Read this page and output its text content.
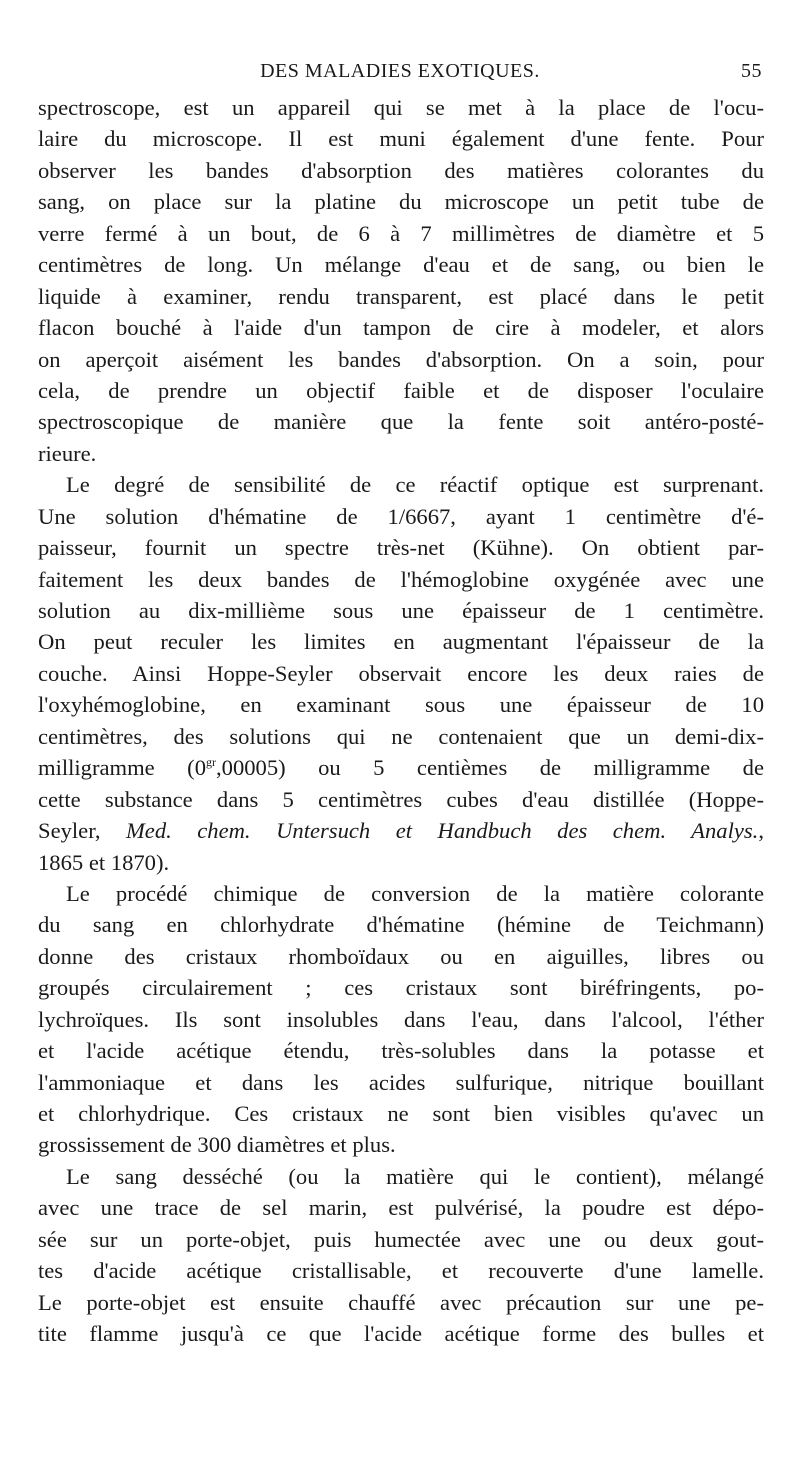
DES MALADIES EXOTIQUES.	55
spectroscope, est un appareil qui se met à la place de l'ocu-
laire du microscope. Il est muni également d'une fente. Pour
observer les bandes d'absorption des matières colorantes du
sang, on place sur la platine du microscope un petit tube de
verre fermé à un bout, de 6 à 7 millimètres de diamètre et 5
centimètres de long. Un mélange d'eau et de sang, ou bien le
liquide à examiner, rendu transparent, est placé dans le petit
flacon bouché à l'aide d'un tampon de cire à modeler, et alors
on aperçoit aisément les bandes d'absorption. On a soin, pour
cela, de prendre un objectif faible et de disposer l'oculaire
spectroscopique de manière que la fente soit antéro-posté-
rieure.
Le degré de sensibilité de ce réactif optique est surprenant.
Une solution d'hématine de 1/6667, ayant 1 centimètre d'é-
paisseur, fournit un spectre très-net (Kühne). On obtient par-
faitement les deux bandes de l'hémoglobine oxygénée avec une
solution au dix-millième sous une épaisseur de 1 centimètre.
On peut reculer les limites en augmentant l'épaisseur de la
couche. Ainsi Hoppe-Seyler observait encore les deux raies de
l'oxyhémoglobine, en examinant sous une épaisseur de 10
centimètres, des solutions qui ne contenaient que un demi-dix-
milligramme $(0^{gr},00005)$ ou 5 centièmes de milligramme de
cette substance dans 5 centimètres cubes d'eau distillée (Hoppe-
Seyler, Med. chem. Untersuch et Handbuch des chem. Analys.,
1865 et 1870).
Le procédé chimique de conversion de la matière colorante
du sang en chlorhydrate d'hématine (hémine de Teichmann)
donne des cristaux rhomboïdaux ou en aiguilles, libres ou
groupés circulairement ; ces cristaux sont biréfringents, po-
lychroïques. Ils sont insolubles dans l'eau, dans l'alcool, l'éther
et l'acide acétique étendu, très-solubles dans la potasse et
l'ammoniaque et dans les acides sulfurique, nitrique bouillant
et chlorhydrique. Ces cristaux ne sont bien visibles qu'avec un
grossissement de 300 diamètres et plus.
Le sang desséché (ou la matière qui le contient), mélangé
avec une trace de sel marin, est pulvérisé, la poudre est dépo-
sée sur un porte-objet, puis humectée avec une ou deux gout-
tes d'acide acétique cristallisable, et recouverte d'une lamelle.
Le porte-objet est ensuite chauffé avec précaution sur une pe-
tite flamme jusqu'à ce que l'acide acétique forme des bulles et
